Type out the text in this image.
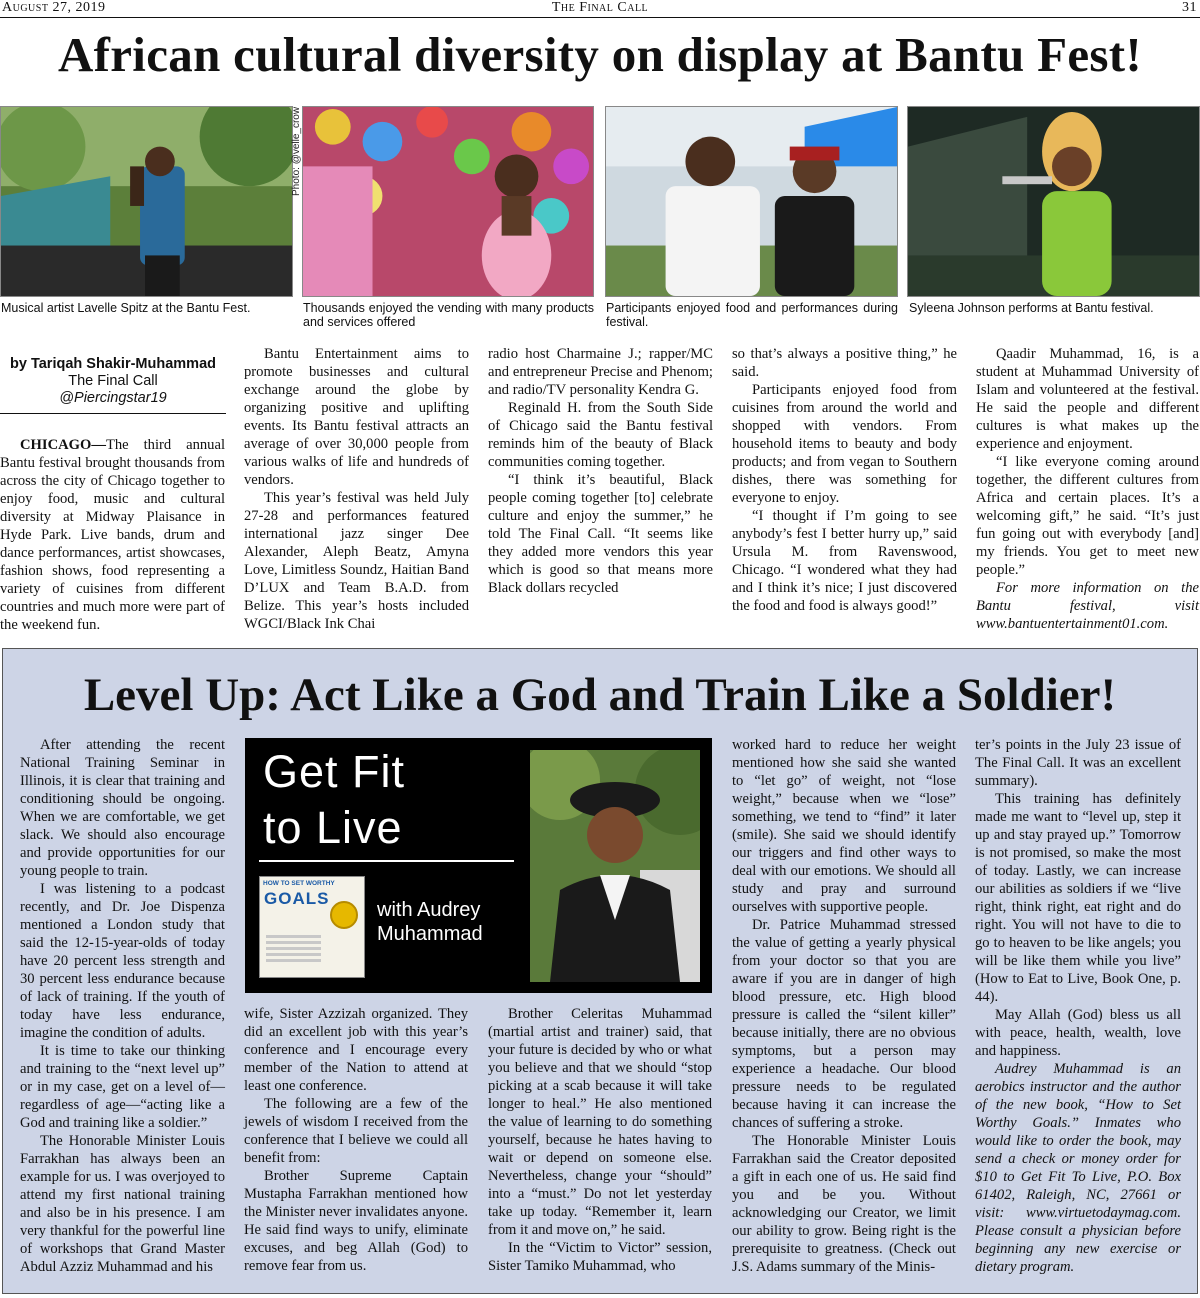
August 27, 2019	The Final Call	31
African cultural diversity on display at Bantu Fest!
Photo: @velle_crow
Musical artist Lavelle Spitz at the Bantu Fest.	Thousands enjoyed the vending with many products and services offered
Participants enjoyed food and performances during festival.
Syleena Johnson performs at Bantu festival.
by Tariqah Shakir-Muhammad
The Final Call
@Piercingstar19

CHICAGO—The third annual Bantu festival brought thousands from across the city of Chicago together to enjoy food, music and cultural diversity at Midway Plaisance in Hyde Park. Live bands, drum and dance performances, artist showcases, fashion shows, food representing a variety of cuisines from different countries and much more were part of the weekend fun.

Bantu Entertainment aims to promote businesses and cultural exchange around the globe by organizing positive and uplifting events. Its Bantu festival attracts an average of over 30,000 people from various walks of life and hundreds of vendors.

This year’s festival was held July 27-28 and performances featured international jazz singer Dee Alexander, Aleph Beatz, Amyna Love, Limitless Soundz, Haitian Band D’LUX and Team B.A.D. from Belize. This year’s hosts included WGCI/Black Ink Chai

radio host Charmaine J.; rapper/MC and entrepreneur Precise and Phenom; and radio/TV personality Kendra G.

Reginald H. from the South Side of Chicago said the Bantu festival reminds him of the beauty of Black communities coming together.

“I think it’s beautiful, Black people coming together [to] celebrate culture and enjoy the summer,” he told The Final Call. “It seems like they added more vendors this year which is good so that means more Black dollars recycled

so that’s always a positive thing,” he said.

Participants enjoyed food from cuisines from around the world and shopped with vendors. From household items to beauty and body products; and from vegan to Southern dishes, there was something for everyone to enjoy.

“I thought if I’m going to see anybody’s fest I better hurry up,” said Ursula M. from Ravenswood, Chicago. “I wondered what they had and I think it’s nice; I just discovered the food and food is always good!”

Qaadir Muhammad, 16, is a student at Muhammad University of Islam and volunteered at the festival. He said the people and different cultures is what makes up the experience and enjoyment.

“I like everyone coming around together, the different cultures from Africa and certain places. It’s a welcoming gift,” he said. “It’s just fun going out with everybody [and] my friends. You get to meet new people.”

For more information on the Bantu festival, visit www.bantuentertainment01.com.

Level Up: Act Like a God and Train Like a Soldier!

After attending the recent National Training Seminar in Illinois, it is clear that training and conditioning should be ongoing. When we are comfortable, we get slack. We should also encourage and provide opportunities for our young people to train.

I was listening to a podcast recently, and Dr. Joe Dispenza mentioned a London study that said the 12-15-year-olds of today have 20 percent less strength and 30 percent less endurance because of lack of training. If the youth of today have less endurance, imagine the condition of adults.

It is time to take our thinking and training to the “next level up” or in my case, get on a level of—regardless of age—“acting like a God and training like a soldier.”

The Honorable Minister Louis Farrakhan has always been an example for us. I was overjoyed to attend my first national training and also be in his presence. I am very thankful for the powerful line of workshops that Grand Master Abdul Azziz Muhammad and his

Get Fit
to Live
HOW TO SET WORTHY
GOALS
with Audrey
Muhammad

wife, Sister Azzizah organized. They did an excellent job with this year’s conference and I encourage every member of the Nation to attend at least one conference.

The following are a few of the jewels of wisdom I received from the conference that I believe we could all benefit from:

Brother Supreme Captain Mustapha Farrakhan mentioned how the Minister never invalidates anyone. He said find ways to unify, eliminate excuses, and beg Allah (God) to remove fear from us.

Brother Celeritas Muhammad (martial artist and trainer) said, that your future is decided by who or what you believe and that we should “stop picking at a scab because it will take longer to heal.” He also mentioned the value of learning to do something yourself, because he hates having to wait or depend on someone else. Nevertheless, change your “should” into a “must.” Do not let yesterday take up today. “Remember it, learn from it and move on,” he said.

In the “Victim to Victor” session, Sister Tamiko Muhammad, who

worked hard to reduce her weight mentioned how she said she wanted to “let go” of weight, not “lose weight,” because when we “lose” something, we tend to “find” it later (smile). She said we should identify our triggers and find other ways to deal with our emotions. We should all study and pray and surround ourselves with supportive people.

Dr. Patrice Muhammad stressed the value of getting a yearly physical from your doctor so that you are aware if you are in danger of high blood pressure, etc. High blood pressure is called the “silent killer” because initially, there are no obvious symptoms, but a person may experience a headache. Our blood pressure needs to be regulated because having it can increase the chances of suffering a stroke.

The Honorable Minister Louis Farrakhan said the Creator deposited a gift in each one of us. He said find you and be you. Without acknowledging our Creator, we limit our ability to grow. Being right is the prerequisite to greatness. (Check out J.S. Adams summary of the Minis-

ter’s points in the July 23 issue of The Final Call. It was an excellent summary).

This training has definitely made me want to “level up, step it up and stay prayed up.” Tomorrow is not promised, so make the most of today. Lastly, we can increase our abilities as soldiers if we “live right, think right, eat right and do right. You will not have to die to go to heaven to be like angels; you will be like them while you live” (How to Eat to Live, Book One, p. 44).

May Allah (God) bless us all with peace, health, wealth, love and happiness.

Audrey Muhammad is an aerobics instructor and the author of the new book, “How to Set Worthy Goals.” Inmates who would like to order the book, may send a check or money order for $10 to Get Fit To Live, P.O. Box 61402, Raleigh, NC, 27661 or visit: www.virtuetodaymag.com. Please consult a physician before beginning any new exercise or dietary program.
